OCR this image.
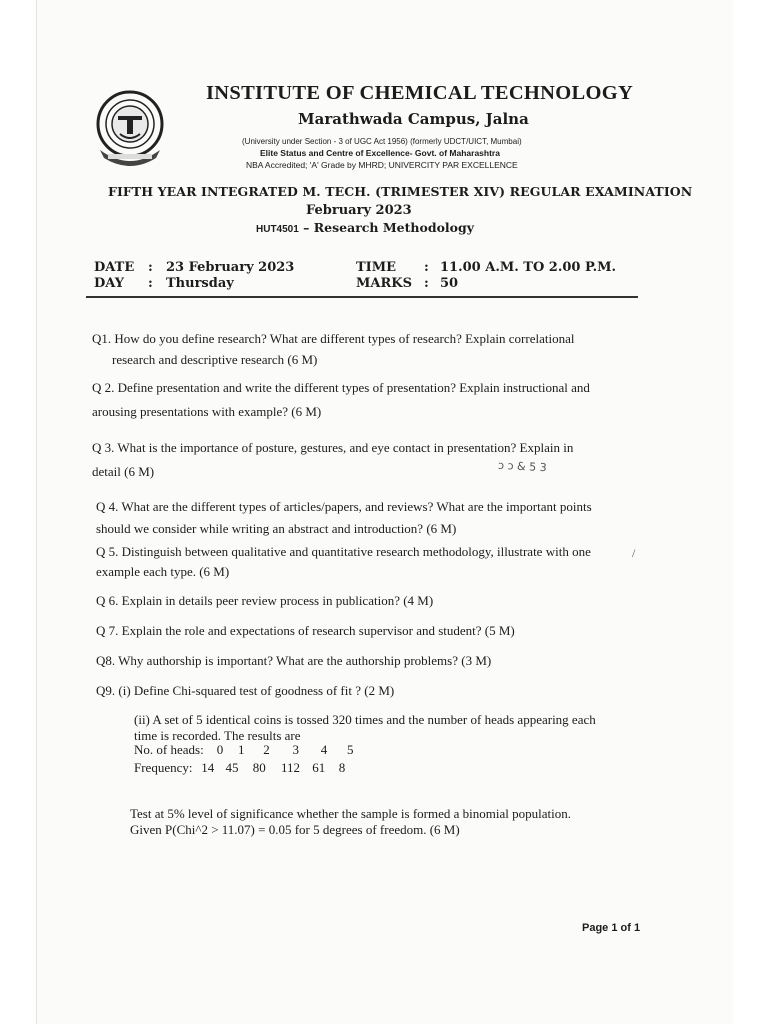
INSTITUTE OF CHEMICAL TECHNOLOGY
Marathwada Campus, Jalna
(University under Section - 3 of UGC Act 1956) (formerly UDCT/UICT, Mumbai)
Elite Status and Centre of Excellence- Govt. of Maharashtra
NBA Accredited; 'A' Grade by MHRD; UNIVERCITY PAR EXCELLENCE
FIFTH YEAR INTEGRATED M. TECH. (TRIMESTER XIV) REGULAR EXAMINATION
February 2023
HUT4501 – Research Methodology
DATE : 23 February 2023
DAY : Thursday
TIME : 11.00 A.M. TO 2.00 P.M.
MARKS : 50

Q1. How do you define research? What are different types of research? Explain correlational

research and descriptive research (6 M)

Q 2. Define presentation and write the different types of presentation? Explain instructional and

arousing presentations with example? (6 M)

Q 3. What is the importance of posture, gestures, and eye contact in presentation? Explain in

detail (6 M)	ↄ ↄ & 5 3

Q 4. What are the different types of articles/papers, and reviews? What are the important points

should we consider while writing an abstract and introduction? (6 M)

Q 5. Distinguish between qualitative and quantitative research methodology, illustrate with one

example each type. (6 M)

/
Q 6. Explain in details peer review process in publication? (4 M)
Q 7. Explain the role and expectations of research supervisor and student? (5 M)
Q8. Why authorship is important? What are the authorship problems? (3 M)
Q9. (i) Define Chi-squared test of goodness of fit ? (2 M)

(ii) A set of 5 identical coins is tossed 320 times and the number of heads appearing each

time is recorded. The results are

No. of heads: 0 1 2 3 4 5
Frequency: 14 45 80 112 61 8
Test at 5% level of significance whether the sample is formed a binomial population.
Given P(Chi^2 > 11.07) = 0.05 for 5 degrees of freedom. (6 M)
Page 1 of 1
